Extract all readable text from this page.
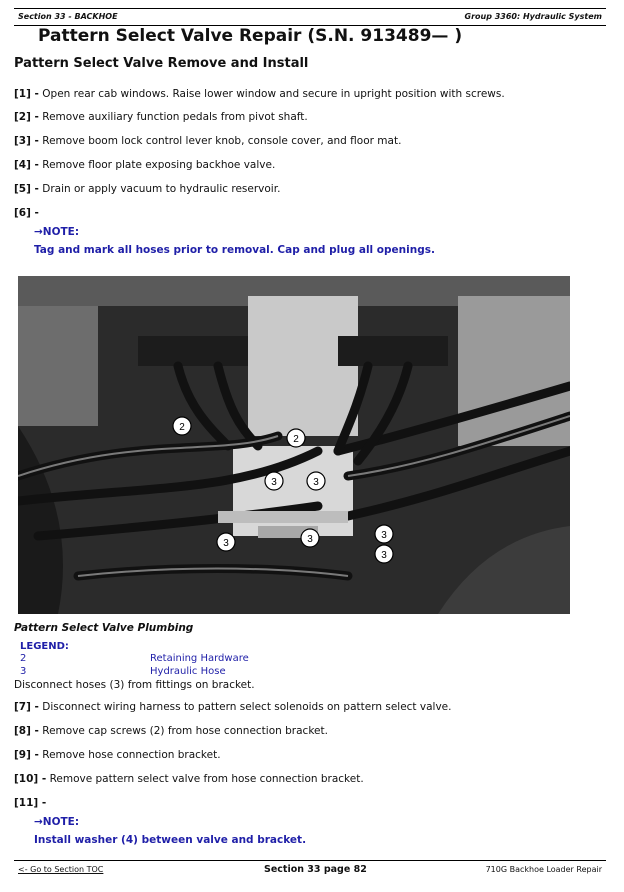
Section 33 - BACKHOE	Group 3360: Hydraulic System
Pattern Select Valve Repair (S.N. 913489— )
Pattern Select Valve Remove and Install
[1] - Open rear cab windows. Raise lower window and secure in upright position with screws.
[2] - Remove auxiliary function pedals from pivot shaft.
[3] - Remove boom lock control lever knob, console cover, and floor mat.
[4] - Remove floor plate exposing backhoe valve.
[5] - Drain or apply vacuum to hydraulic reservoir.
[6] -
→NOTE:
Tag and mark all hoses prior to removal. Cap and plug all openings.
2
2
3	3
3	3	3
3
Pattern Select Valve Plumbing
LEGEND:
2	Retaining Hardware
3	Hydraulic Hose
Disconnect hoses (3) from fittings on bracket.
[7] - Disconnect wiring harness to pattern select solenoids on pattern select valve.
[8] - Remove cap screws (2) from hose connection bracket.
[9] - Remove hose connection bracket.
[10] - Remove pattern select valve from hose connection bracket.
[11] -
→NOTE:
Install washer (4) between valve and bracket.
<- Go to Section TOC	Section 33 page 82	710G Backhoe Loader Repair
